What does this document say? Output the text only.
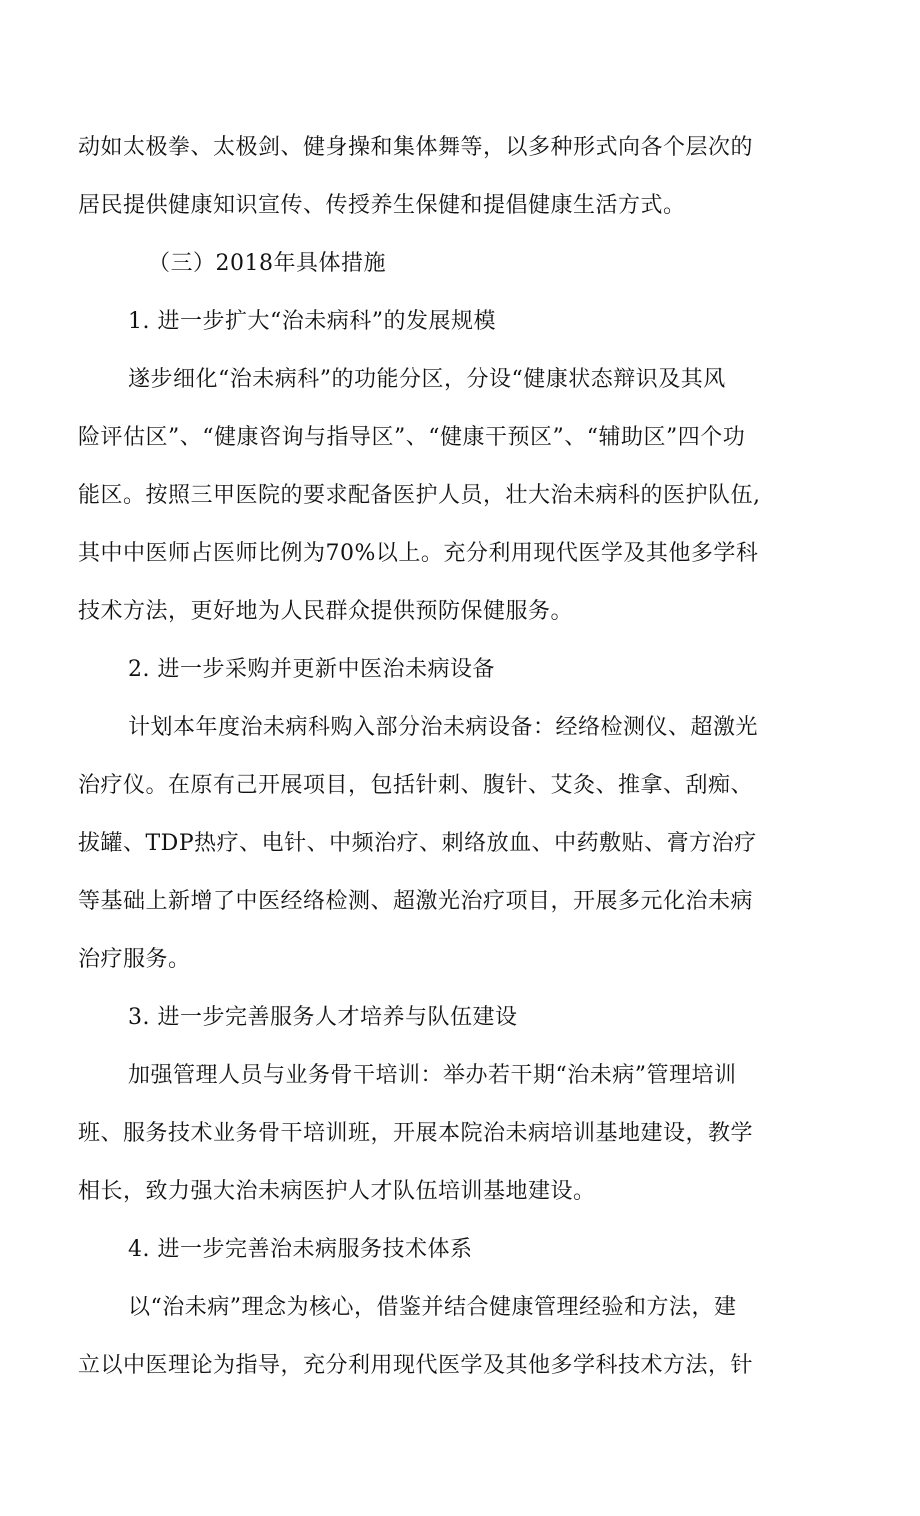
动如太极拳、太极剑、健身操和集体舞等，以多种形式向各个层次的
居民提供健康知识宣传、传授养生保健和提倡健康生活方式。
（三）2018年具体措施
1. 进一步扩大“治未病科”的发展规模
遂步细化“治未病科”的功能分区，分设“健康状态辩识及其风
险评估区”、“健康咨询与指导区”、“健康干预区”、“辅助区”四个功
能区。按照三甲医院的要求配备医护人员，壮大治未病科的医护队伍,
其中中医师占医师比例为70%以上。充分利用现代医学及其他多学科
技术方法，更好地为人民群众提供预防保健服务。
2. 进一步采购并更新中医治未病设备
计划本年度治未病科购入部分治未病设备：经络检测仪、超激光
治疗仪。在原有己开展项目，包括针刺、腹针、艾灸、推拿、刮痴、
拔罐、TDP热疗、电针、中频治疗、刺络放血、中药敷贴、膏方治疗
等基础上新增了中医经络检测、超激光治疗项目，开展多元化治未病
治疗服务。
3. 进一步完善服务人才培养与队伍建设
加强管理人员与业务骨干培训：举办若干期“治未病”管理培训
班、服务技术业务骨干培训班，开展本院治未病培训基地建设，教学
相长，致力强大治未病医护人才队伍培训基地建设。
4. 进一步完善治未病服务技术体系
以“治未病”理念为核心，借鉴并结合健康管理经验和方法，建
立以中医理论为指导，充分利用现代医学及其他多学科技术方法，针
